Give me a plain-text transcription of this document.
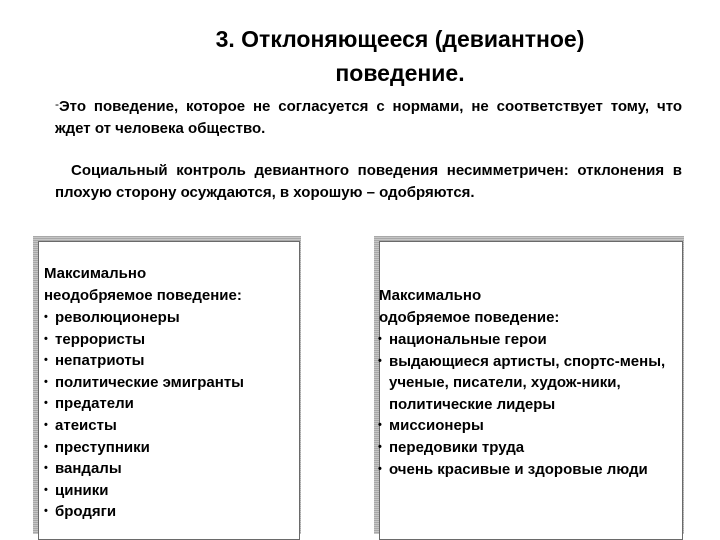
3. Отклоняющееся (девиантное)
поведение.

-Это поведение, которое не согласуется с нормами, не соответствует тому, что ждет от человека общество.

Социальный контроль девиантного поведения несимметричен: отклонения в плохую сторону осуждаются, в хорошую – одобряются.

Максимально
неодобряемое поведение:

• революционеры
• террористы
• непатриоты
• политические эмигранты
• предатели
• атеисты
• преступники
• вандалы
• циники
• бродяги

Максимально
одобряемое поведение:

• национальные герои
• выдающиеся артисты, спортс-мены, ученые, писатели, худож-ники, политические лидеры
• миссионеры
• передовики труда
• очень красивые и здоровые люди
